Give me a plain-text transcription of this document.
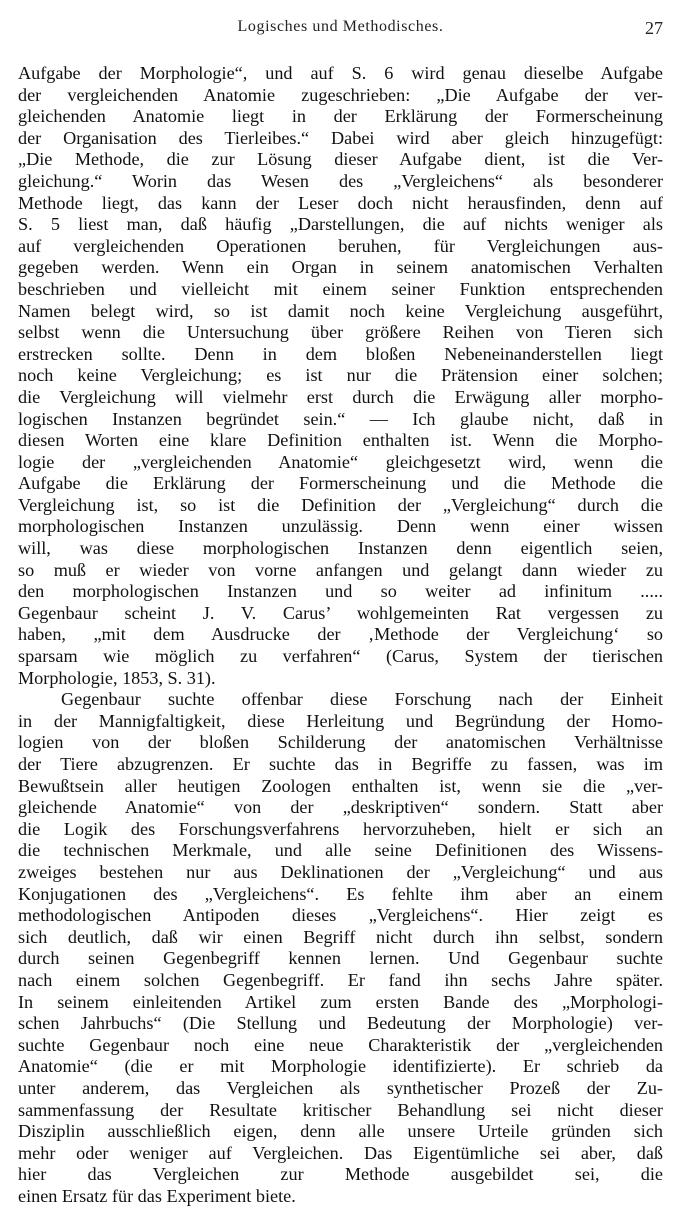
Logisches und Methodisches.	27
Aufgabe der Morphologie“, und auf S. 6 wird genau dieselbe Aufgabe
der vergleichenden Anatomie zugeschrieben: „Die Aufgabe der ver-
gleichenden Anatomie liegt in der Erklärung der Formerscheinung
der Organisation des Tierleibes.“ Dabei wird aber gleich hinzugefügt:
„Die Methode, die zur Lösung dieser Aufgabe dient, ist die Ver-
gleichung.“ Worin das Wesen des „Vergleichens“ als besonderer
Methode liegt, das kann der Leser doch nicht herausfinden, denn auf
S. 5 liest man, daß häufig „Darstellungen, die auf nichts weniger als
auf vergleichenden Operationen beruhen, für Vergleichungen aus-
gegeben werden. Wenn ein Organ in seinem anatomischen Verhalten
beschrieben und vielleicht mit einem seiner Funktion entsprechenden
Namen belegt wird, so ist damit noch keine Vergleichung ausgeführt,
selbst wenn die Untersuchung über größere Reihen von Tieren sich
erstrecken sollte. Denn in dem bloßen Nebeneinanderstellen liegt
noch keine Vergleichung; es ist nur die Prätension einer solchen;
die Vergleichung will vielmehr erst durch die Erwägung aller morpho-
logischen Instanzen begründet sein.“ — Ich glaube nicht, daß in
diesen Worten eine klare Definition enthalten ist. Wenn die Morpho-
logie der „vergleichenden Anatomie“ gleichgesetzt wird, wenn die
Aufgabe die Erklärung der Formerscheinung und die Methode die
Vergleichung ist, so ist die Definition der „Vergleichung“ durch die
morphologischen Instanzen unzulässig. Denn wenn einer wissen
will, was diese morphologischen Instanzen denn eigentlich seien,
so muß er wieder von vorne anfangen und gelangt dann wieder zu
den morphologischen Instanzen und so weiter ad infinitum .....
Gegenbaur scheint J. V. Carus’ wohlgemeinten Rat vergessen zu
haben, „mit dem Ausdrucke der ‚Methode der Vergleichung‘ so
sparsam wie möglich zu verfahren“ (Carus, System der tierischen
Morphologie, 1853, S. 31).
Gegenbaur suchte offenbar diese Forschung nach der Einheit
in der Mannigfaltigkeit, diese Herleitung und Begründung der Homo-
logien von der bloßen Schilderung der anatomischen Verhältnisse
der Tiere abzugrenzen. Er suchte das in Begriffe zu fassen, was im
Bewußtsein aller heutigen Zoologen enthalten ist, wenn sie die „ver-
gleichende Anatomie“ von der „deskriptiven“ sondern. Statt aber
die Logik des Forschungsverfahrens hervorzuheben, hielt er sich an
die technischen Merkmale, und alle seine Definitionen des Wissens-
zweiges bestehen nur aus Deklinationen der „Vergleichung“ und aus
Konjugationen des „Vergleichens“. Es fehlte ihm aber an einem
methodologischen Antipoden dieses „Vergleichens“. Hier zeigt es
sich deutlich, daß wir einen Begriff nicht durch ihn selbst, sondern
durch seinen Gegenbegriff kennen lernen. Und Gegenbaur suchte
nach einem solchen Gegenbegriff. Er fand ihn sechs Jahre später.
In seinem einleitenden Artikel zum ersten Bande des „Morphologi-
schen Jahrbuchs“ (Die Stellung und Bedeutung der Morphologie) ver-
suchte Gegenbaur noch eine neue Charakteristik der „vergleichenden
Anatomie“ (die er mit Morphologie identifizierte). Er schrieb da
unter anderem, das Vergleichen als synthetischer Prozeß der Zu-
sammenfassung der Resultate kritischer Behandlung sei nicht dieser
Disziplin ausschließlich eigen, denn alle unsere Urteile gründen sich
mehr oder weniger auf Vergleichen. Das Eigentümliche sei aber, daß
hier das Vergleichen zur Methode ausgebildet sei, die
einen Ersatz für das Experiment biete.
